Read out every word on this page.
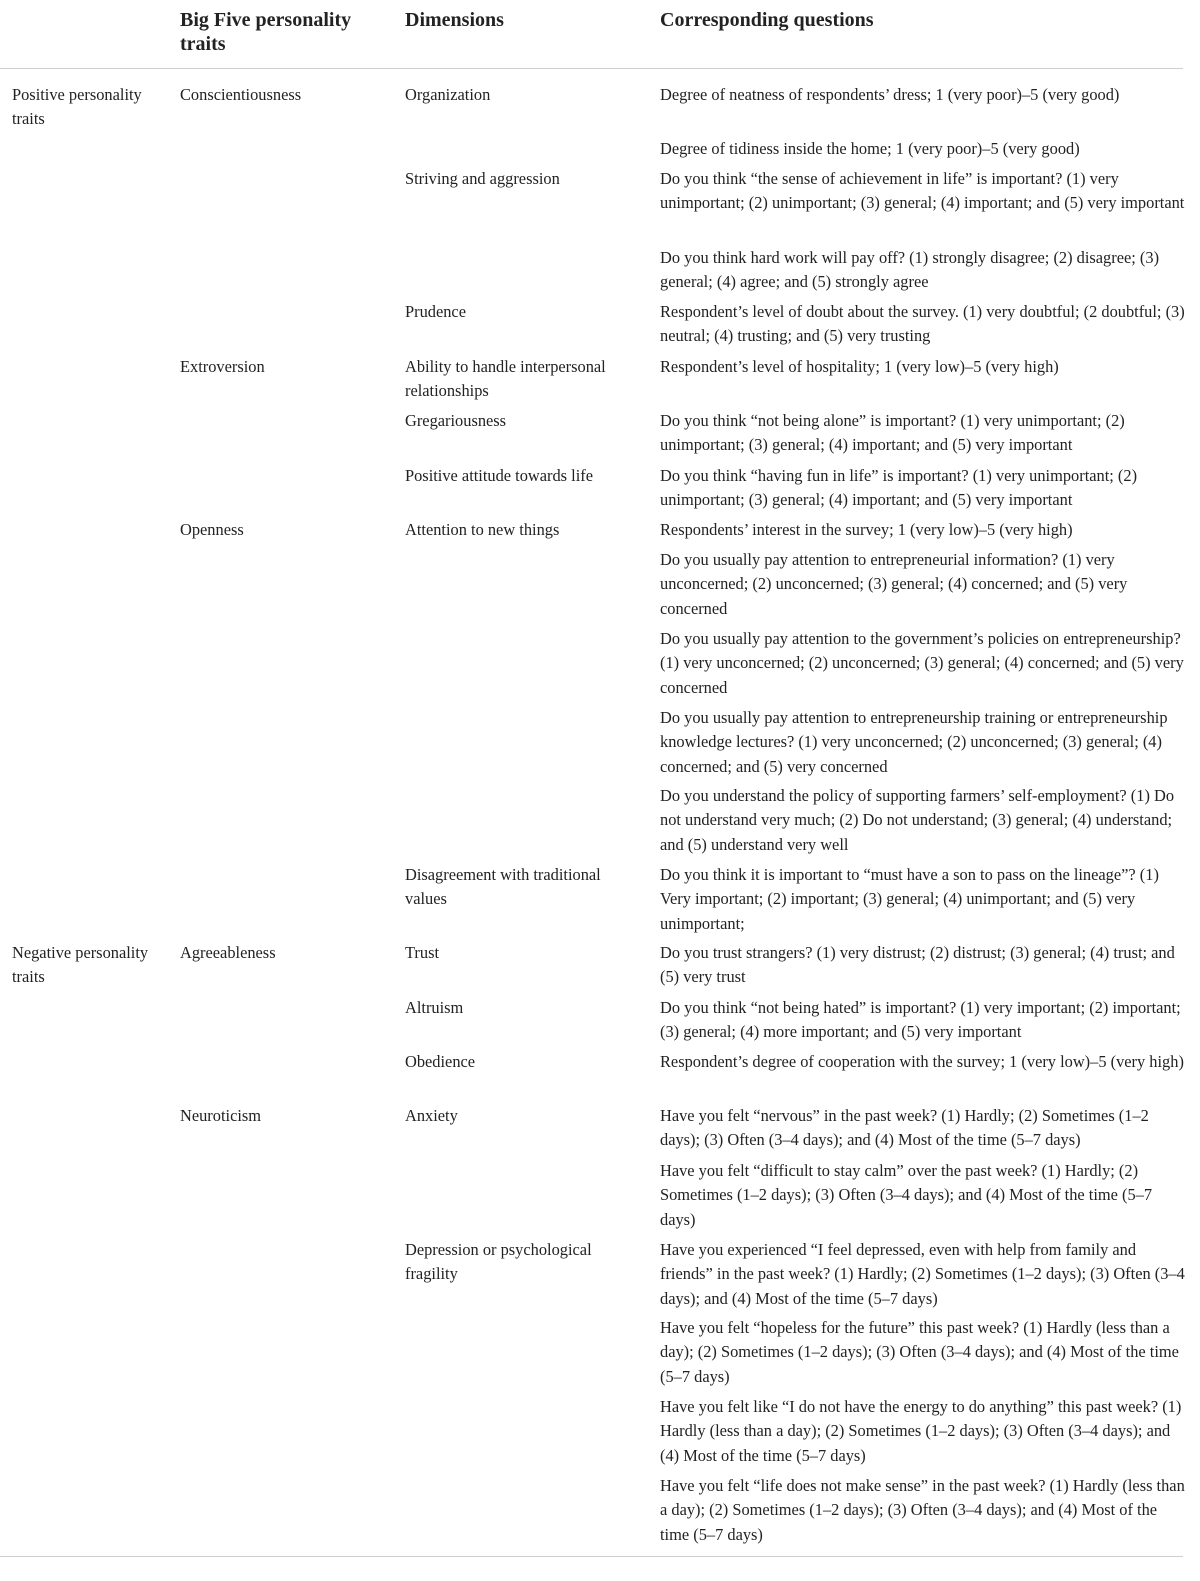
Big Five personality traits
Dimensions	Corresponding questions
Positive personality traits
Negative personality traits
Conscientiousness
Extroversion
Openness
Agreeableness
Neuroticism
Organization
Striving and aggression
Prudence
Ability to handle interpersonal relationships
Gregariousness
Positive attitude towards life
Attention to new things
Disagreement with traditional values
Trust
Altruism
Obedience
Anxiety
Depression or psychological fragility
Degree of neatness of respondents’ dress; 1 (very poor)–5 (very good)
Degree of tidiness inside the home; 1 (very poor)–5 (very good)
Do you think “the sense of achievement in life” is important? (1) very unimportant; (2) unimportant; (3) general; (4) important; and (5) very important
Do you think hard work will pay off? (1) strongly disagree; (2) disagree; (3) general; (4) agree; and (5) strongly agree
Respondent’s level of doubt about the survey. (1) very doubtful; (2 doubtful; (3) neutral; (4) trusting; and (5) very trusting
Respondent’s level of hospitality; 1 (very low)–5 (very high)
Do you think “not being alone” is important? (1) very unimportant; (2) unimportant; (3) general; (4) important; and (5) very important
Do you think “having fun in life” is important? (1) very unimportant; (2) unimportant; (3) general; (4) important; and (5) very important
Respondents’ interest in the survey; 1 (very low)–5 (very high)
Do you usually pay attention to entrepreneurial information? (1) very unconcerned; (2) unconcerned; (3) general; (4) concerned; and (5) very concerned
Do you usually pay attention to the government’s policies on entrepreneurship? (1) very unconcerned; (2) unconcerned; (3) general; (4) concerned; and (5) very concerned
Do you usually pay attention to entrepreneurship training or entrepreneurship knowledge lectures? (1) very unconcerned; (2) unconcerned; (3) general; (4) concerned; and (5) very concerned
Do you understand the policy of supporting farmers’ self-employment? (1) Do not understand very much; (2) Do not understand; (3) general; (4) understand; and (5) understand very well
Do you think it is important to “must have a son to pass on the lineage”? (1) Very important; (2) important; (3) general; (4) unimportant; and (5) very unimportant;
Do you trust strangers? (1) very distrust; (2) distrust; (3) general; (4) trust; and (5) very trust
Do you think “not being hated” is important? (1) very important; (2) important; (3) general; (4) more important; and (5) very important
Respondent’s degree of cooperation with the survey; 1 (very low)–5 (very high)
Have you felt “nervous” in the past week? (1) Hardly; (2) Sometimes (1–2 days); (3) Often (3–4 days); and (4) Most of the time (5–7 days)
Have you felt “difficult to stay calm” over the past week? (1) Hardly; (2) Sometimes (1–2 days); (3) Often (3–4 days); and (4) Most of the time (5–7 days)
Have you experienced “I feel depressed, even with help from family and friends” in the past week? (1) Hardly; (2) Sometimes (1–2 days); (3) Often (3–4 days); and (4) Most of the time (5–7 days)
Have you felt “hopeless for the future” this past week? (1) Hardly (less than a day); (2) Sometimes (1–2 days); (3) Often (3–4 days); and (4) Most of the time (5–7 days)
Have you felt like “I do not have the energy to do anything” this past week? (1) Hardly (less than a day); (2) Sometimes (1–2 days); (3) Often (3–4 days); and (4) Most of the time (5–7 days)
Have you felt “life does not make sense” in the past week? (1) Hardly (less than a day); (2) Sometimes (1–2 days); (3) Often (3–4 days); and (4) Most of the time (5–7 days)
